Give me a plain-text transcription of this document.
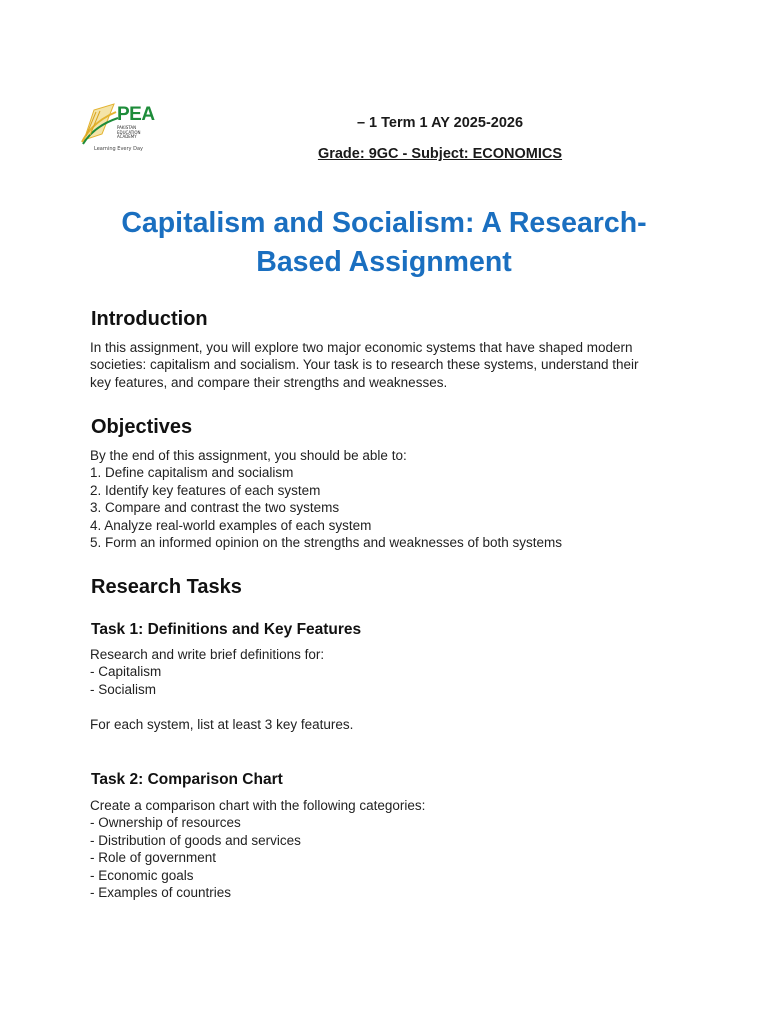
PEA
PAKISTAN EDUCATION ACADEMY
Learning Every Day
– 1 Term 1 AY 2025-2026
Grade: 9GC - Subject: ECONOMICS
Capitalism and Socialism: A Research-Based Assignment
Introduction
In this assignment, you will explore two major economic systems that have shaped modern societies: capitalism and socialism. Your task is to research these systems, understand their key features, and compare their strengths and weaknesses.
Objectives
By the end of this assignment, you should be able to:
1. Define capitalism and socialism
2. Identify key features of each system
3. Compare and contrast the two systems
4. Analyze real-world examples of each system
5. Form an informed opinion on the strengths and weaknesses of both systems
Research Tasks
Task 1: Definitions and Key Features
Research and write brief definitions for:
- Capitalism
- Socialism

For each system, list at least 3 key features.
Task 2: Comparison Chart
Create a comparison chart with the following categories:
- Ownership of resources
- Distribution of goods and services
- Role of government
- Economic goals
- Examples of countries
